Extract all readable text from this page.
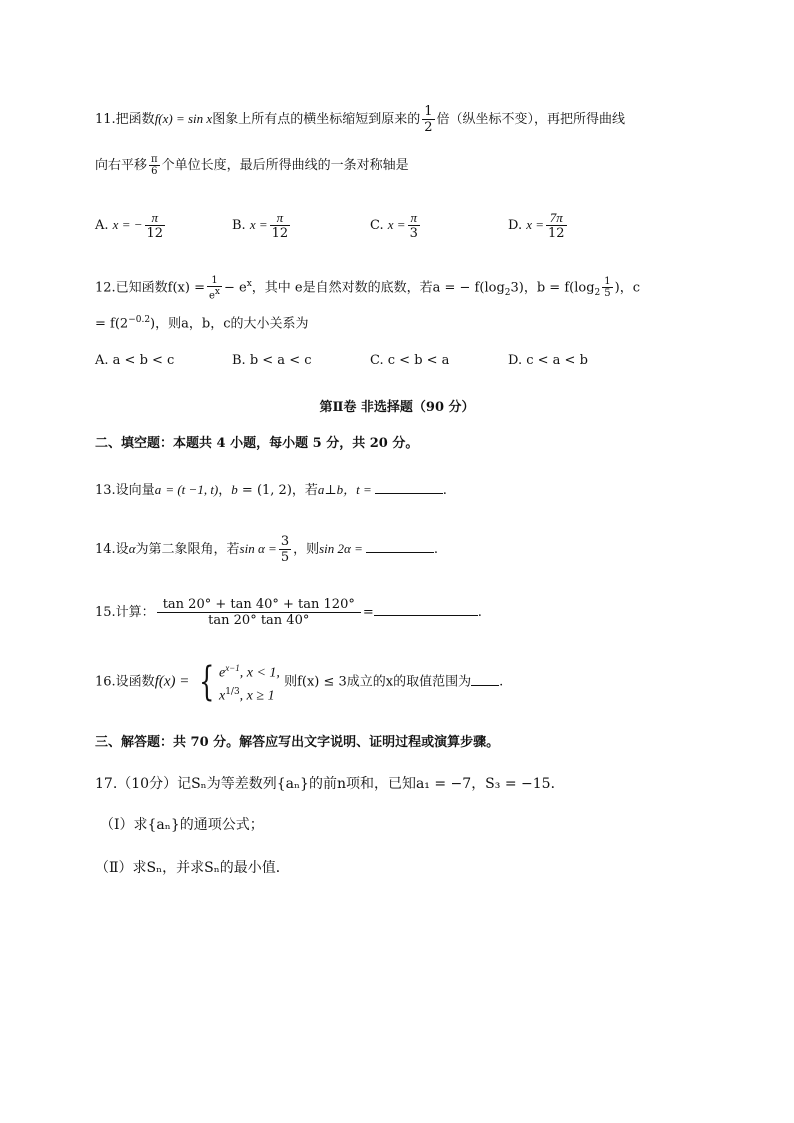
11.把函数f(x) = sin x图象上所有点的横坐标缩短到原来的 $\frac{1}{2}$ 倍（纵坐标不变），再把所得曲线
向右平移 $\frac{\pi}{6}$ 个单位长度，最后所得曲线的一条对称轴是
A. x = − $\frac{\pi}{12}$	B. $x = \frac{\pi}{12}$	C. $x = \frac{\pi}{3}$	D. $x = \frac{7\pi}{12}$
12.已知函数$f(x) = \frac{1}{e^x} - e^x$，其中 e是自然对数的底数，若a = − $f(\log_23)$，$b = f(\log_2 \frac{1}{5}$ )，c
= $f(2^{-0.2})$，则a，b，c的大小关系为
A. a < b < c	B. b < a < c	C. c < b < a	D. c < a < b
第Ⅱ卷 非选择题（90 分）
二、填空题：本题共 4 小题，每小题 5 分，共 20 分。
13.设向量a = (t −1, t)，b = (1, 2)，若a⊥b，t =	.
14.设α为第二象限角，若$\sin \alpha = \frac{3}{5}$ ，则sin 2α =	.
15.计算： $\frac{\tan 20^\circ + \tan 40^\circ + \tan 120^\circ}{\tan 20^\circ \tan 40^\circ}$ =	.
16.设函数f(x) = { $e^{x-1}$, x < 1,
$x^{1/3}$, x ≥ 1
则f(x) ≤ 3成立的x的取值范围为 .
三、解答题：共 70 分。解答应写出文字说明、证明过程或演算步骤。
17.（10分）记Sₙ为等差数列{aₙ}的前n项和，已知a₁ = −7，S₃ = −15．
（Ⅰ）求{aₙ}的通项公式；
（Ⅱ）求Sₙ，并求Sₙ的最小值．
